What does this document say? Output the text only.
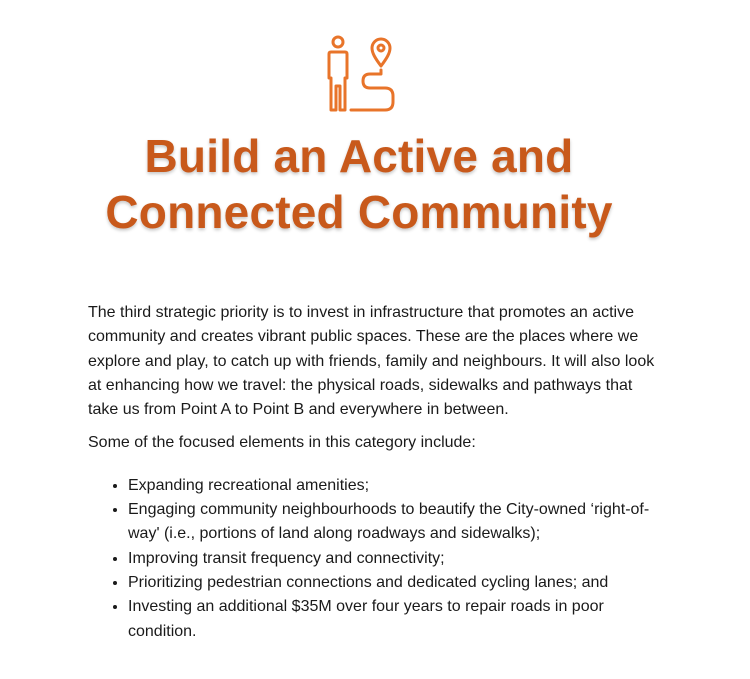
Build an Active and
Connected Community

The third strategic priority is to invest in infrastructure that promotes an active community and creates vibrant public spaces. These are the places where we explore and play, to catch up with friends, family and neighbours. It will also look at enhancing how we travel: the physical roads, sidewalks and pathways that take us from Point A to Point B and everywhere in between.

Some of the focused elements in this category include:

• Expanding recreational amenities;
• Engaging community neighbourhoods to beautify the City-owned ‘right-of-way' (i.e., portions of land along roadways and sidewalks);
• Improving transit frequency and connectivity;
• Prioritizing pedestrian connections and dedicated cycling lanes; and
• Investing an additional $35M over four years to repair roads in poor condition.
